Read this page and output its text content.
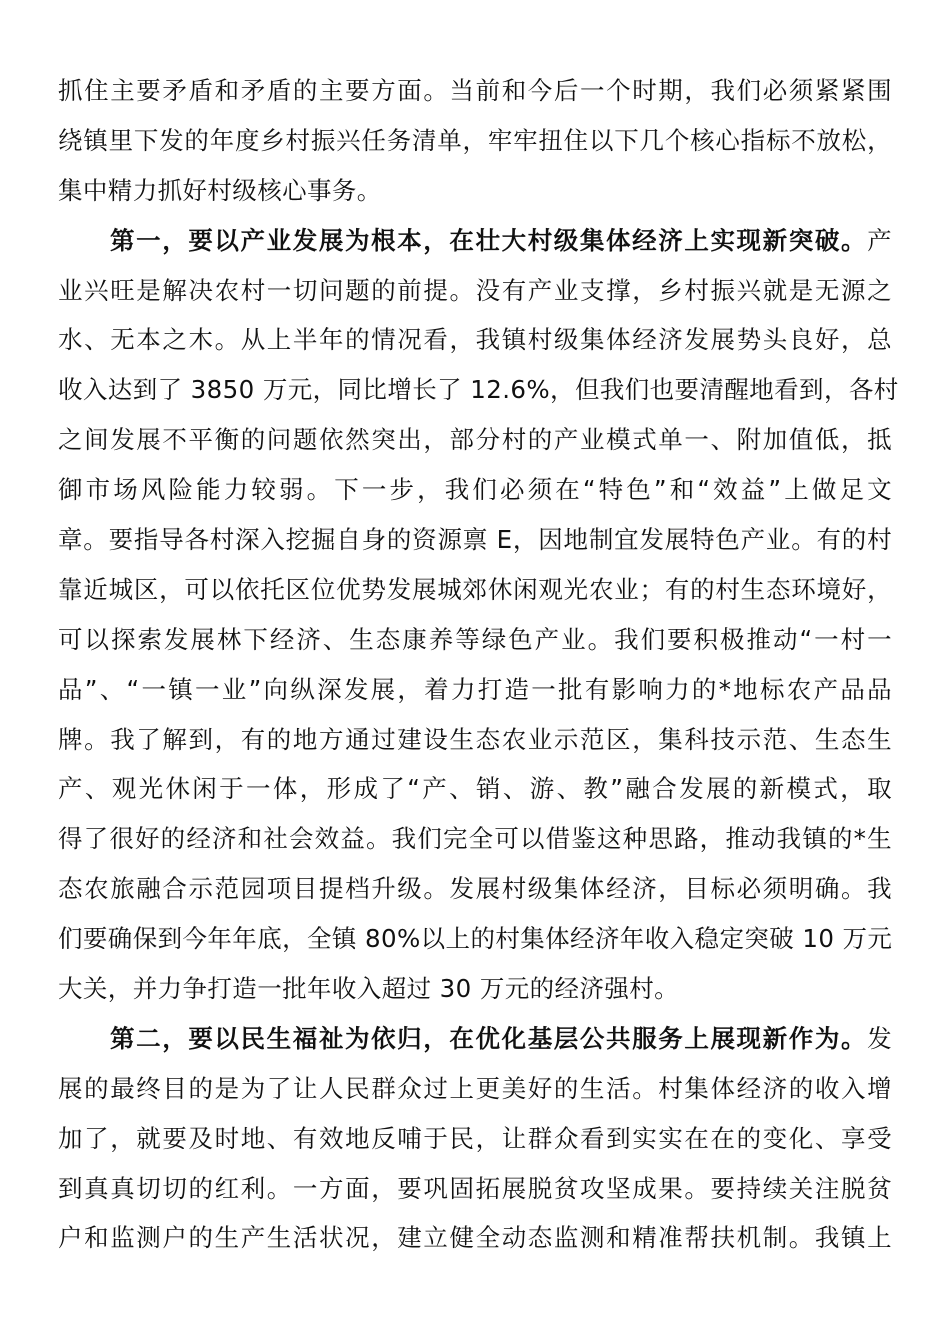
抓住主要矛盾和矛盾的主要方面。当前和今后一个时期，我们必须紧紧围
绕镇里下发的年度乡村振兴任务清单，牢牢扭住以下几个核心指标不放松，
集中精力抓好村级核心事务。
第一，要以产业发展为根本，在壮大村级集体经济上实现新突破。产
业兴旺是解决农村一切问题的前提。没有产业支撑，乡村振兴就是无源之
水、无本之木。从上半年的情况看，我镇村级集体经济发展势头良好，总
收入达到了 3850 万元，同比增长了 12.6%，但我们也要清醒地看到，各村
之间发展不平衡的问题依然突出，部分村的产业模式单一、附加值低，抵
御市场风险能力较弱。下一步，我们必须在“特色”和“效益”上做足文
章。要指导各村深入挖掘自身的资源禀 E，因地制宜发展特色产业。有的村
靠近城区，可以依托区位优势发展城郊休闲观光农业；有的村生态环境好，
可以探索发展林下经济、生态康养等绿色产业。我们要积极推动“一村一
品”、“一镇一业”向纵深发展，着力打造一批有影响力的*地标农产品品
牌。我了解到，有的地方通过建设生态农业示范区，集科技示范、生态生
产、观光休闲于一体，形成了“产、销、游、教”融合发展的新模式，取
得了很好的经济和社会效益。我们完全可以借鉴这种思路，推动我镇的*生
态农旅融合示范园项目提档升级。发展村级集体经济，目标必须明确。我
们要确保到今年年底，全镇 80%以上的村集体经济年收入稳定突破 10 万元
大关，并力争打造一批年收入超过 30 万元的经济强村。
第二，要以民生福祉为依归，在优化基层公共服务上展现新作为。发
展的最终目的是为了让人民群众过上更美好的生活。村集体经济的收入增
加了，就要及时地、有效地反哺于民，让群众看到实实在在的变化、享受
到真真切切的红利。一方面，要巩固拓展脱贫攻坚成果。要持续关注脱贫
户和监测户的生产生活状况，建立健全动态监测和精准帮扶机制。我镇上
